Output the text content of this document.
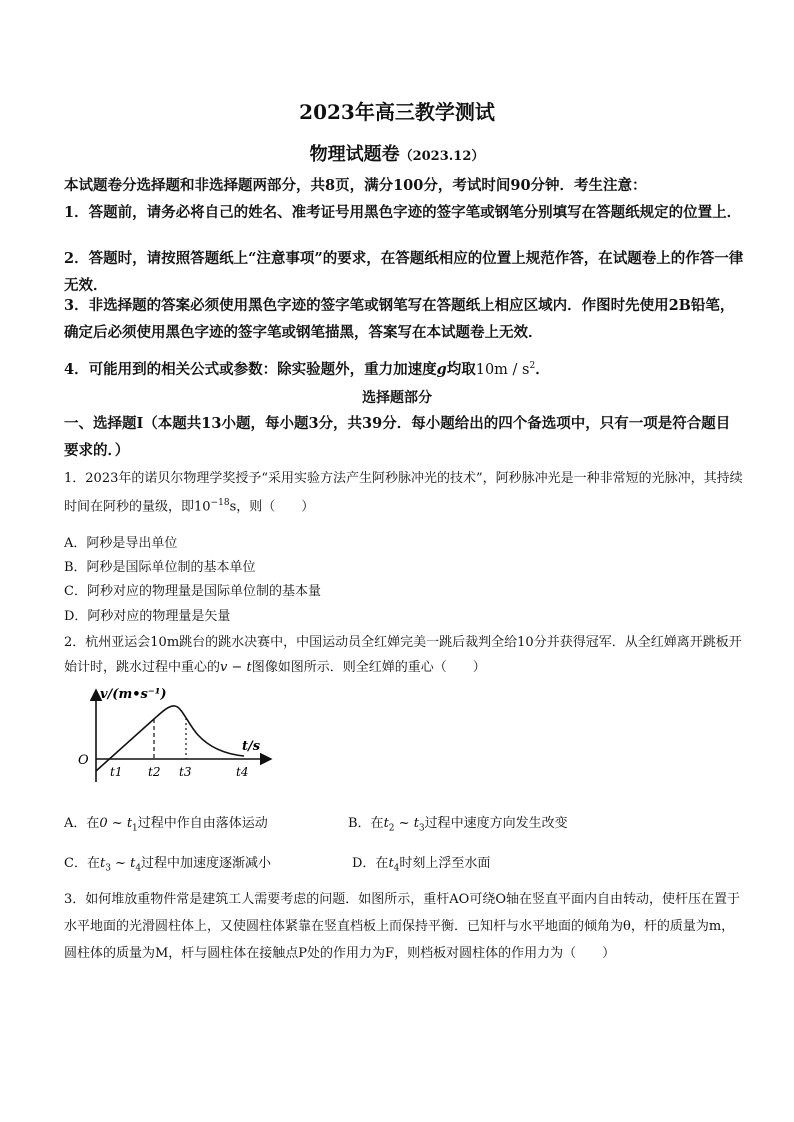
2023年高三教学测试
物理试题卷（2023.12）
本试题卷分选择题和非选择题两部分，共8页，满分100分，考试时间90分钟．考生注意：
1．答题前，请务必将自己的姓名、准考证号用黑色字迹的签字笔或钢笔分别填写在答题纸规定的位置上．
2．答题时，请按照答题纸上“注意事项”的要求，在答题纸相应的位置上规范作答，在试题卷上的作答一律无效．
3．非选择题的答案必须使用黑色字迹的签字笔或钢笔写在答题纸上相应区域内．作图时先使用2B铅笔，确定后必须使用黑色字迹的签字笔或钢笔描黑，答案写在本试题卷上无效．
4．可能用到的相关公式或参数：除实验题外，重力加速度g均取$10m / s^2$．
选择题部分
一、选择题Ⅰ（本题共13小题，每小题3分，共39分．每小题给出的四个备选项中，只有一项是符合题目要求的．）
1．2023年的诺贝尔物理学奖授予“采用实验方法产生阿秒脉冲光的技术”，阿秒脉冲光是一种非常短的光脉冲，其持续时间在阿秒的量级，即$10^{-18}s$，则（　　）
A．阿秒是导出单位
B．阿秒是国际单位制的基本单位
C．阿秒对应的物理量是国际单位制的基本量
D．阿秒对应的物理量是矢量
2．杭州亚运会10m跳台的跳水决赛中，中国运动员全红婵完美一跳后裁判全给10分并获得冠军．从全红婵离开跳板开始计时，跳水过程中重心的v − t图像如图所示．则全红婵的重心（　　）
v/(m•s⁻¹)
t/s
O
t1 t2 t3	t4
A．在0 ~ $t_1$过程中作自由落体运动	B．在$t_2$ ~ $t_3$过程中速度方向发生改变
C．在$t_3$ ~ $t_4$过程中加速度逐渐减小	D．在$t_4$时刻上浮至水面
3．如何堆放重物件常是建筑工人需要考虑的问题．如图所示，重杆AO可绕O轴在竖直平面内自由转动，使杆压在置于水平地面的光滑圆柱体上，又使圆柱体紧靠在竖直档板上而保持平衡．已知杆与水平地面的倾角为θ，杆的质量为m，圆柱体的质量为M，杆与圆柱体在接触点P处的作用力为F，则档板对圆柱体的作用力为（　　）
